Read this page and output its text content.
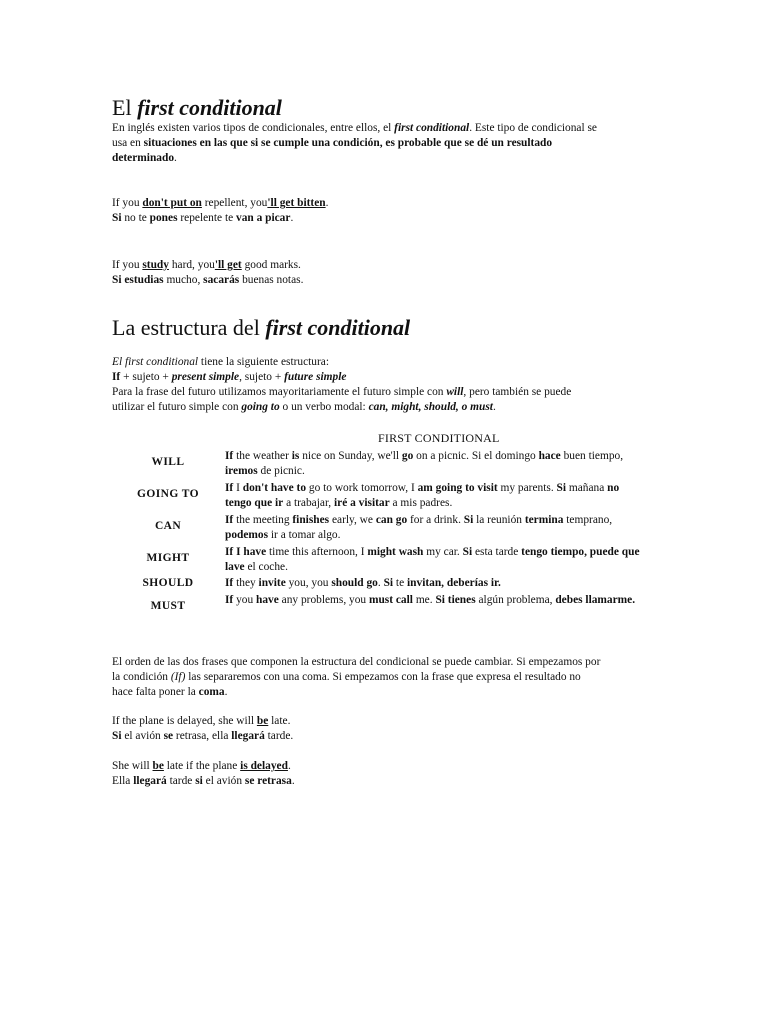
El first conditional
En inglés existen varios tipos de condicionales, entre ellos, el first conditional. Este tipo de condicional se
usa en situaciones en las que si se cumple una condición, es probable que se dé un resultado
determinado.
If you don't put on repellent, you'll get bitten.
Si no te pones repelente te van a picar.
If you study hard, you'll get good marks.
Si estudias mucho, sacarás buenas notas.
La estructura del first conditional
El first conditional tiene la siguiente estructura:
If + sujeto + present simple, sujeto + future simple
Para la frase del futuro utilizamos mayoritariamente el futuro simple con will, pero también se puede
utilizar el futuro simple con going to o un verbo modal: can, might, should, o must.
FIRST CONDITIONAL
WILL	If the weather is nice on Sunday, we'll go on a picnic. Si el domingo hace buen tiempo, iremos de picnic.
GOING TO	If I don't have to go to work tomorrow, I am going to visit my parents. Si mañana no tengo que ir a trabajar, iré a visitar a mis padres.
CAN	If the meeting finishes early, we can go for a drink. Si la reunión termina temprano, podemos ir a tomar algo.
MIGHT	If I have time this afternoon, I might wash my car. Si esta tarde tengo tiempo, puede que lave el coche.
SHOULD	If they invite you, you should go. Si te invitan, deberías ir.
MUST	If you have any problems, you must call me. Si tienes algún problema, debes llamarme.
El orden de las dos frases que componen la estructura del condicional se puede cambiar. Si empezamos por
la condición (If) las separaremos con una coma. Si empezamos con la frase que expresa el resultado no
hace falta poner la coma.
If the plane is delayed, she will be late.
Si el avión se retrasa, ella llegará tarde.
She will be late if the plane is delayed.
Ella llegará tarde si el avión se retrasa.
